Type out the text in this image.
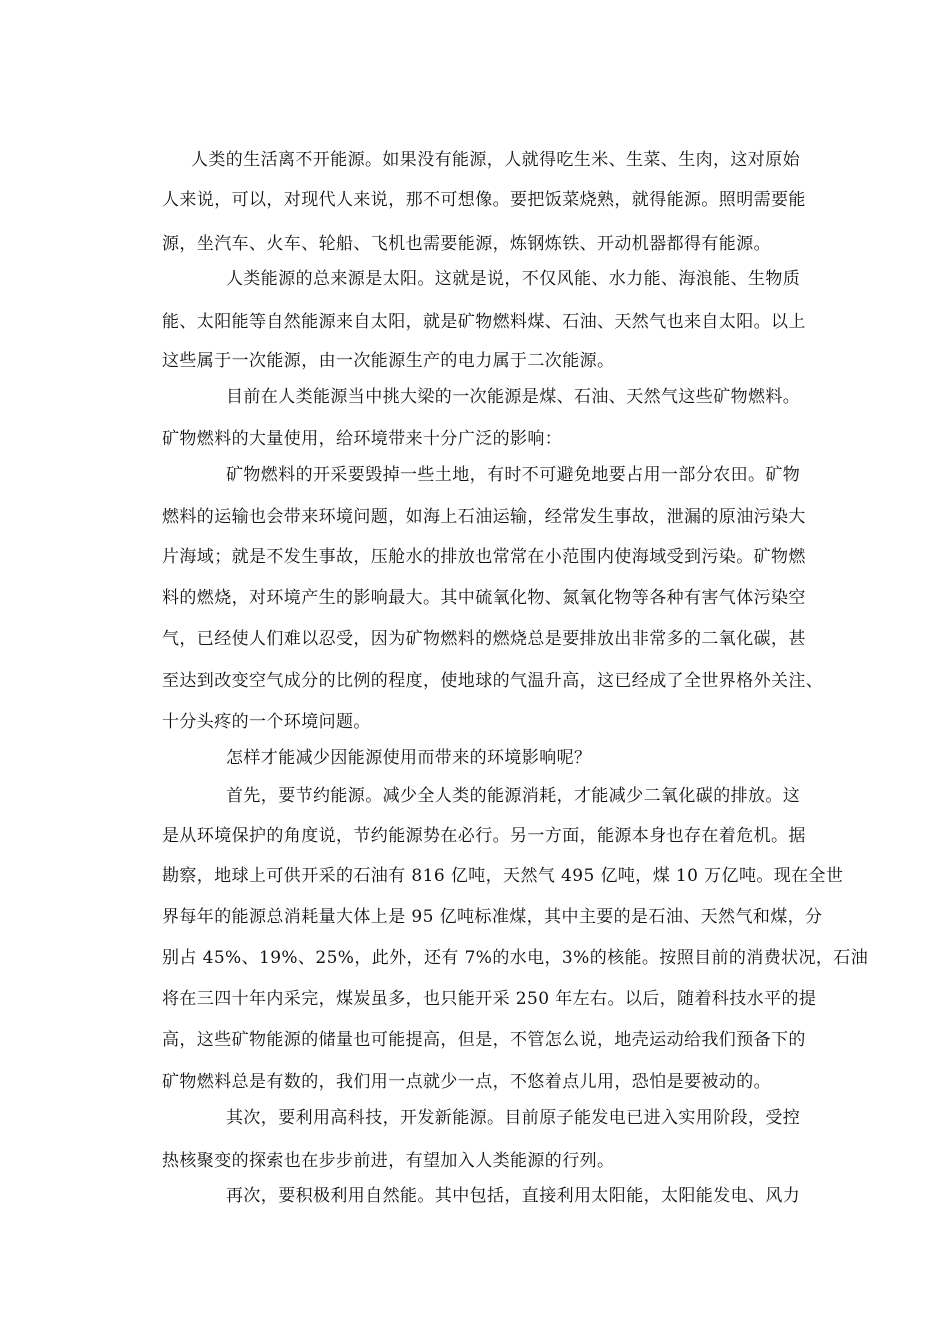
人类的生活离不开能源。如果没有能源，人就得吃生米、生菜、生肉，这对原始
人来说，可以，对现代人来说，那不可想像。要把饭菜烧熟，就得能源。照明需要能
源，坐汽车、火车、轮船、飞机也需要能源，炼钢炼铁、开动机器都得有能源。
人类能源的总来源是太阳。这就是说，不仅风能、水力能、海浪能、生物质
能、太阳能等自然能源来自太阳，就是矿物燃料煤、石油、天然气也来自太阳。以上
这些属于一次能源，由一次能源生产的电力属于二次能源。
目前在人类能源当中挑大梁的一次能源是煤、石油、天然气这些矿物燃料。
矿物燃料的大量使用，给环境带来十分广泛的影响：
矿物燃料的开采要毁掉一些土地，有时不可避免地要占用一部分农田。矿物
燃料的运输也会带来环境问题，如海上石油运输，经常发生事故，泄漏的原油污染大
片海域；就是不发生事故，压舱水的排放也常常在小范围内使海域受到污染。矿物燃
料的燃烧，对环境产生的影响最大。其中硫氧化物、氮氧化物等各种有害气体污染空
气，已经使人们难以忍受，因为矿物燃料的燃烧总是要排放出非常多的二氧化碳，甚
至达到改变空气成分的比例的程度，使地球的气温升高，这已经成了全世界格外关注、
十分头疼的一个环境问题。
怎样才能减少因能源使用而带来的环境影响呢？
首先，要节约能源。减少全人类的能源消耗，才能减少二氧化碳的排放。这
是从环境保护的角度说，节约能源势在必行。另一方面，能源本身也存在着危机。据
勘察，地球上可供开采的石油有 816 亿吨，天然气 495 亿吨，煤 10 万亿吨。现在全世
界每年的能源总消耗量大体上是 95 亿吨标准煤，其中主要的是石油、天然气和煤，分
别占 45%、19%、25%，此外，还有 7%的水电，3%的核能。按照目前的消费状况，石油
将在三四十年内采完，煤炭虽多，也只能开采 250 年左右。以后，随着科技水平的提
高，这些矿物能源的储量也可能提高，但是，不管怎么说，地壳运动给我们预备下的
矿物燃料总是有数的，我们用一点就少一点，不悠着点儿用，恐怕是要被动的。
其次，要利用高科技，开发新能源。目前原子能发电已进入实用阶段，受控
热核聚变的探索也在步步前进，有望加入人类能源的行列。
再次，要积极利用自然能。其中包括，直接利用太阳能，太阳能发电、风力
